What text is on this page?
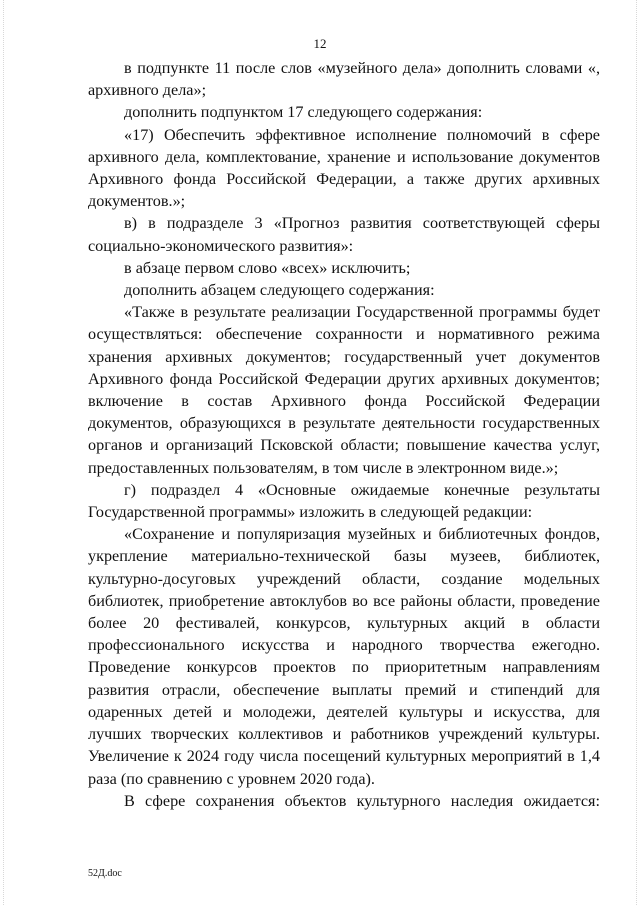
12

в подпункте 11 после слов «музейного дела» дополнить словами «, архивного дела»;

дополнить подпунктом 17 следующего содержания:

«17) Обеспечить эффективное исполнение полномочий в сфере архивного дела, комплектование, хранение и использование документов Архивного фонда Российской Федерации, а также других архивных документов.»;

в) в подразделе 3 «Прогноз развития соответствующей сферы социально-экономического развития»:

в абзаце первом слово «всех» исключить;

дополнить абзацем следующего содержания:

«Также в результате реализации Государственной программы будет осуществляться: обеспечение сохранности и нормативного режима хранения архивных документов; государственный учет документов Архивного фонда Российской Федерации других архивных документов; включение в состав Архивного фонда Российской Федерации документов, образующихся в результате деятельности государственных органов и организаций Псковской области; повышение качества услуг, предоставленных пользователям, в том числе в электронном виде.»;

г) подраздел 4 «Основные ожидаемые конечные результаты Государственной программы» изложить в следующей редакции:

«Сохранение и популяризация музейных и библиотечных фондов, укрепление материально-технической базы музеев, библиотек, культурно-досуговых учреждений области, создание модельных библиотек, приобретение автоклубов во все районы области, проведение более 20 фестивалей, конкурсов, культурных акций в области профессионального искусства и народного творчества ежегодно. Проведение конкурсов проектов по приоритетным направлениям развития отрасли, обеспечение выплаты премий и стипендий для одаренных детей и молодежи, деятелей культуры и искусства, для лучших творческих коллективов и работников учреждений культуры. Увеличение к 2024 году числа посещений культурных мероприятий в 1,4 раза (по сравнению с уровнем 2020 года).

В сфере сохранения объектов культурного наследия ожидается:

52Д.doc
